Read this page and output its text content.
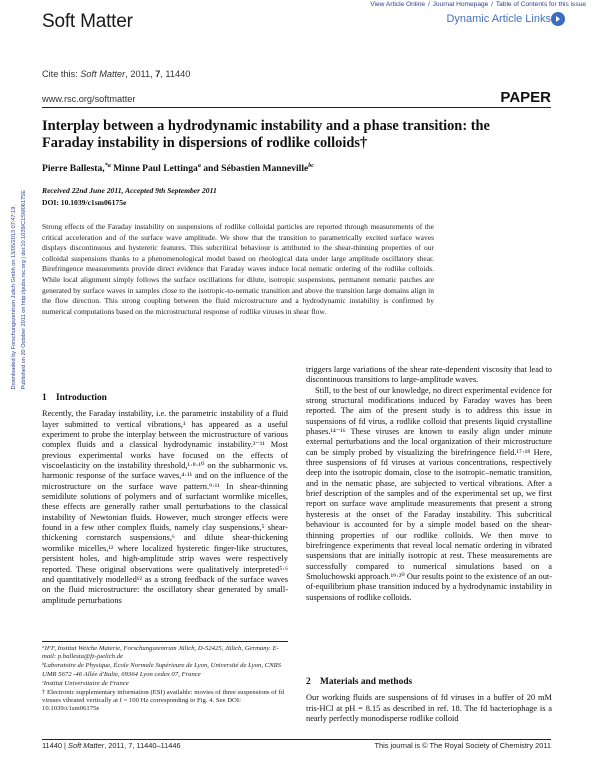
Downloaded by Forschungszentrum Julich Gmbh on 13/05/2013 07:47:19. Published on 20 October 2011 on http://pubs.rsc.org | doi:10.1039/C1SM06175E
Soft Matter
View Article Online / Journal Homepage / Table of Contents for this issue
Dynamic Article Links
Cite this: Soft Matter, 2011, 7, 11440
www.rsc.org/softmatter	PAPER
Interplay between a hydrodynamic instability and a phase transition: the Faraday instability in dispersions of rodlike colloids†
Pierre Ballesta,$^{*a}$ Minne Paul Lettinga$^a$ and Sébastien Manneville$^{bc}$
Received 22nd June 2011, Accepted 9th September 2011
DOI: 10.1039/c1sm06175e
Strong effects of the Faraday instability on suspensions of rodlike colloidal particles are reported through measurements of the critical acceleration and of the surface wave amplitude. We show that the transition to parametrically excited surface waves displays discontinuous and hysteretic features. This subcritical behaviour is attributed to the shear-thinning properties of our colloidal suspensions thanks to a phenomenological model based on rheological data under large amplitude oscillatory shear. Birefringence measurements provide direct evidence that Faraday waves induce local nematic ordering of the rodlike colloids. While local alignment simply follows the surface oscillations for dilute, isotropic suspensions, permanent nematic patches are generated by surface waves in samples close to the isotropic-to-nematic transition and above the transition large domains align in the flow direction. This strong coupling between the fluid microstructure and a hydrodynamic instability is confirmed by numerical computations based on the microstructural response of rodlike viruses in shear flow.
1 Introduction

Recently, the Faraday instability, i.e. the parametric instability of a fluid layer submitted to vertical vibrations,¹ has appeared as a useful experiment to probe the interplay between the microstructure of various complex fluids and a classical hydrodynamic instability.²⁻¹¹ Most previous experimental works have focused on the effects of viscoelasticity on the instability threshold,¹·⁸·¹⁰ on the subharmonic vs. harmonic response of the surface waves,⁴·¹¹ and on the influence of the microstructure on the surface wave pattern.⁹·¹¹ In shear-thinning semidilute solutions of polymers and of surfactant wormlike micelles, these effects are generally rather small perturbations to the classical instability of Newtonian fluids. However, much stronger effects were found in a few other complex fluids, namely clay suspensions,⁵ shear-thickening cornstarch suspensions,⁶ and dilute shear-thickening wormlike micelles,¹² where localized hysteretic finger-like structures, persistent holes, and high-amplitude strip waves were respectively reported. These original observations were qualitatively interpreted⁵·⁶ and quantitatively modelled¹² as a strong feedback of the surface waves on the fluid microstructure: the oscillatory shear generated by small-amplitude perturbations

ᵃIFF, Institut Weiche Materie, Forschungszentrum Jülich, D-52425, Jülich, Germany. E-mail: p.ballesta@fz-juelich.de

ᵇLaboratoire de Physique, École Normale Supérieure de Lyon, Université de Lyon, CNRS UMR 5672 -46 Allée d'Italie, 69364 Lyon cedex 07, France

ᶜInstitut Universitaire de France

† Electronic supplementary information (ESI) available: movies of three suspensions of fd viruses vibrated vertically at f = 100 Hz corresponding to Fig. 4. See DOI: 10.1039/c1sm06175e

triggers large variations of the shear rate-dependent viscosity that lead to discontinuous transitions to large-amplitude waves.

Still, to the best of our knowledge, no direct experimental evidence for strong structural modifications induced by Faraday waves has been reported. The aim of the present study is to address this issue in suspensions of fd virus, a rodlike colloid that presents liquid crystalline phases.¹⁴⁻¹⁶ These viruses are known to easily align under minute external perturbations and the local organization of their microstructure can be simply probed by visualizing the birefringence field.¹⁷·¹⁸ Here, three suspensions of fd viruses at various concentrations, respectively deep into the isotropic domain, close to the isotropic–nematic transition, and in the nematic phase, are subjected to vertical vibrations. After a brief description of the samples and of the experimental set up, we first report on surface wave amplitude measurements that present a strong hysteresis at the onset of the Faraday instability. This subcritical behaviour is accounted for by a simple model based on the shear-thinning properties of our rodlike colloids. We then move to birefringence experiments that reveal local nematic ordering in vibrated suspensions that are initially isotropic at rest. These measurements are successfully compared to numerical simulations based on a Smoluchowski approach.¹⁹·²⁰ Our results point to the existence of an out-of-equilibrium phase transition induced by a hydrodynamic instability in suspensions of rodlike colloids.

2 Materials and methods

Our working fluids are suspensions of fd viruses in a buffer of 20 mM tris-HCl at pH = 8.15 as described in ref. 18. The fd bacteriophage is a nearly perfectly monodisperse rodlike colloid

11440 | Soft Matter, 2011, 7, 11440–11446	This journal is © The Royal Society of Chemistry 2011
